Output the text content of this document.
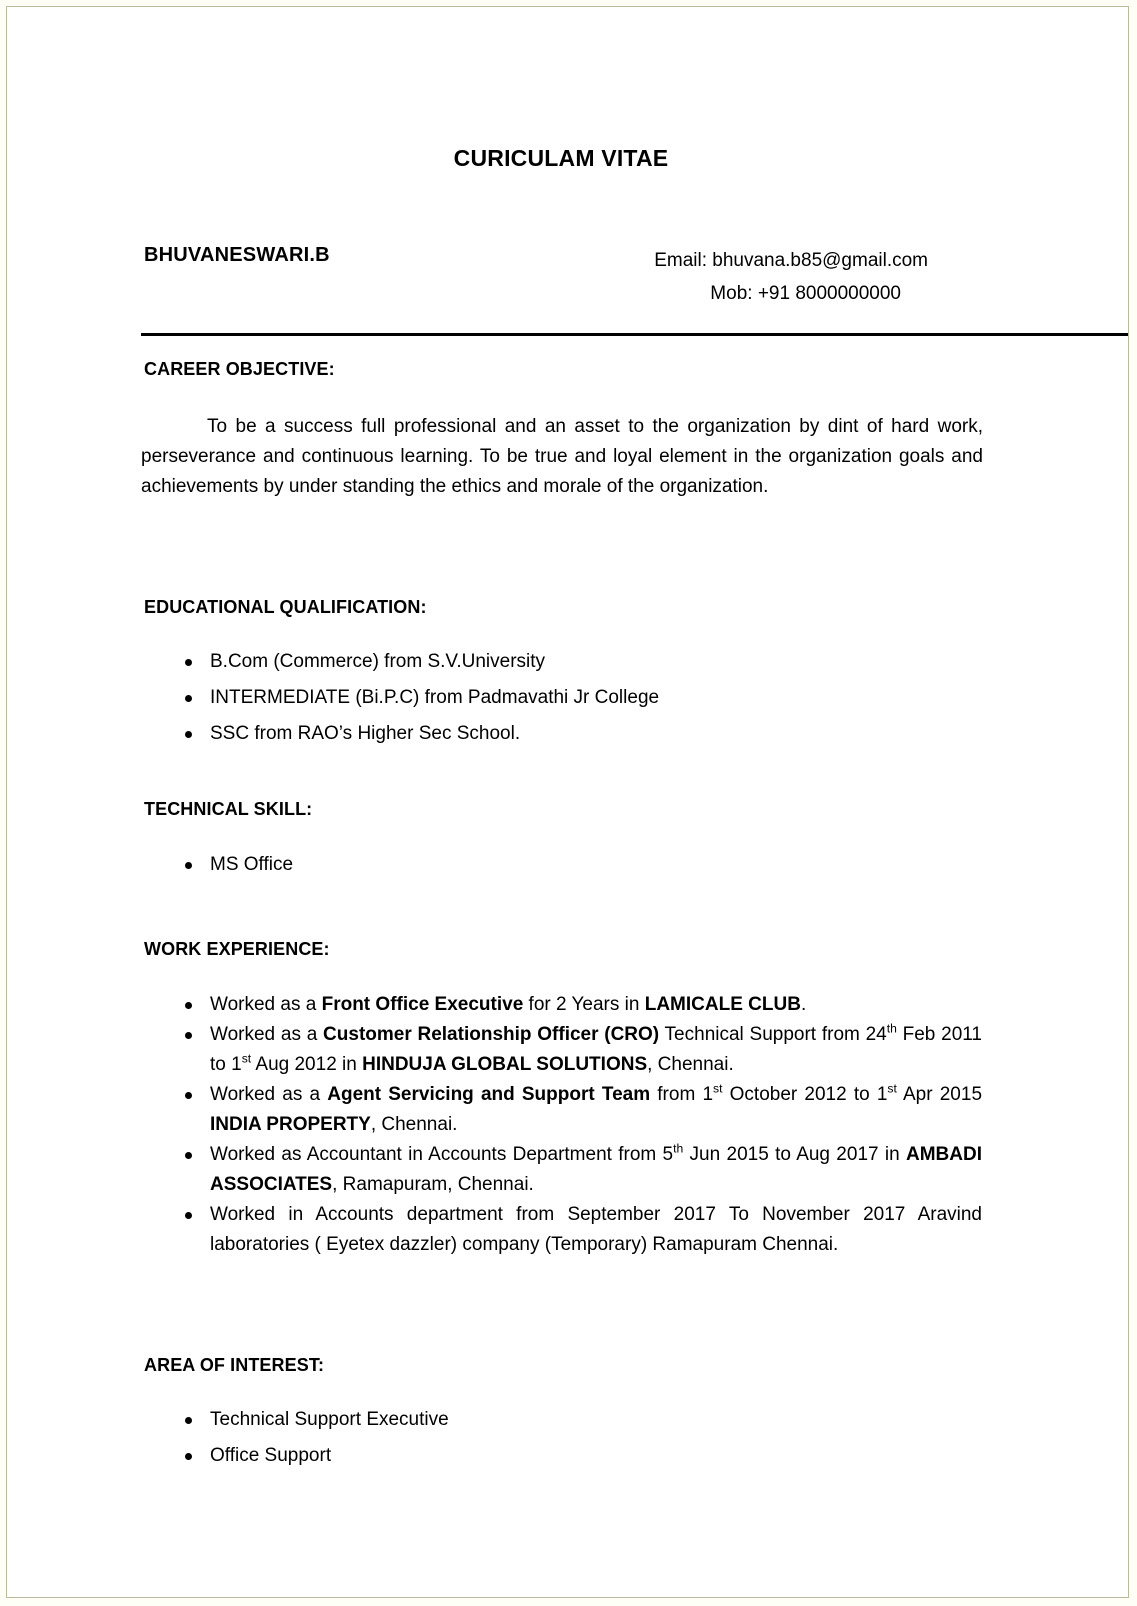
CURICULAM VITAE
BHUVANESWARI.B	Email: bhuvana.b85@gmail.com
Mob: +91 8000000000
CAREER OBJECTIVE:
To be a success full professional and an asset to the organization by dint of hard work, perseverance and continuous learning. To be true and loyal element in the organization goals and achievements by under standing the ethics and morale of the organization.
EDUCATIONAL QUALIFICATION:
B.Com (Commerce) from S.V.University
INTERMEDIATE (Bi.P.C) from Padmavathi Jr College
SSC from RAO’s Higher Sec School.
TECHNICAL SKILL:
MS Office
WORK EXPERIENCE:
Worked as a Front Office Executive for 2 Years in LAMICALE CLUB.
Worked as a Customer Relationship Officer (CRO) Technical Support from 24th Feb 2011 to 1st Aug 2012 in HINDUJA GLOBAL SOLUTIONS, Chennai.
Worked as a Agent Servicing and Support Team from 1st October 2012 to 1st Apr 2015 INDIA PROPERTY, Chennai.
Worked as Accountant in Accounts Department from 5th Jun 2015 to Aug 2017 in AMBADI ASSOCIATES, Ramapuram, Chennai.
Worked in Accounts department from September 2017 To November 2017 Aravind laboratories ( Eyetex dazzler) company (Temporary) Ramapuram Chennai.
AREA OF INTEREST:
Technical Support Executive
Office Support
